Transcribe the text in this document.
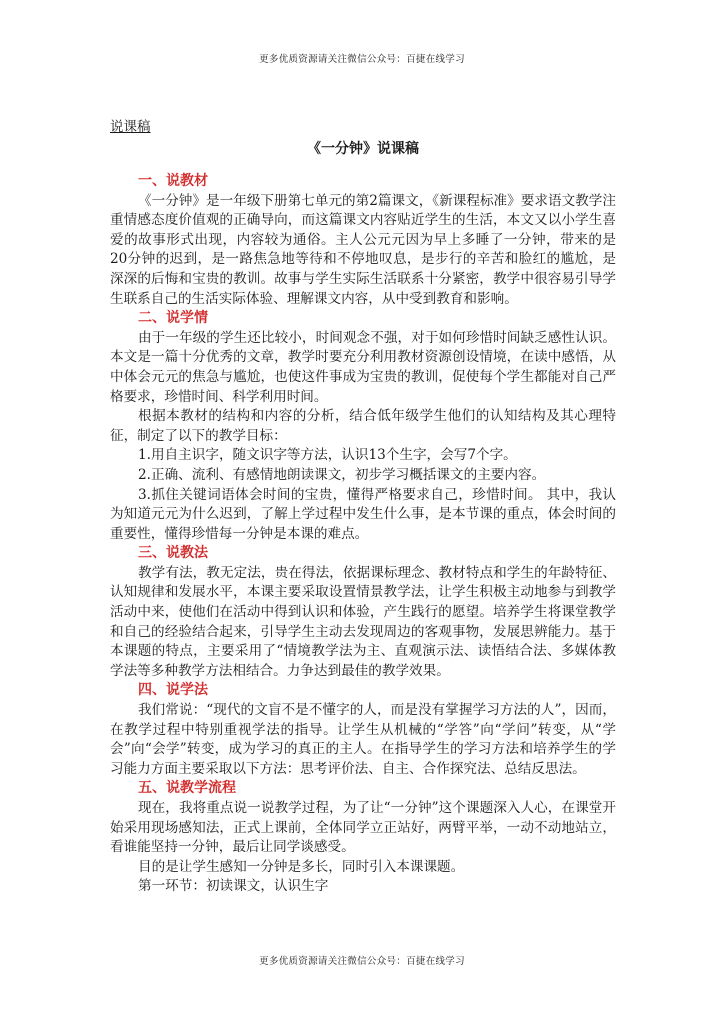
更多优质资源请关注微信公众号：百捷在线学习

说课稿

《一分钟》说课稿

一、说教材

《一分钟》是一年级下册第七单元的第2篇课文，《新课程标准》要求语文教学注重情感态度价值观的正确导向，而这篇课文内容贴近学生的生活，本文又以小学生喜爱的故事形式出现，内容较为通俗。主人公元元因为早上多睡了一分钟，带来的是20分钟的迟到，是一路焦急地等待和不停地叹息，是步行的辛苦和脸红的尴尬，是深深的后悔和宝贵的教训。故事与学生实际生活联系十分紧密，教学中很容易引导学生联系自己的生活实际体验、理解课文内容，从中受到教育和影响。

二、说学情

由于一年级的学生还比较小，时间观念不强，对于如何珍惜时间缺乏感性认识。本文是一篇十分优秀的文章，教学时要充分利用教材资源创设情境，在读中感悟，从中体会元元的焦急与尴尬，也使这件事成为宝贵的教训，促使每个学生都能对自己严格要求，珍惜时间、科学利用时间。

根据本教材的结构和内容的分析，结合低年级学生他们的认知结构及其心理特征，制定了以下的教学目标：

1.用自主识字，随文识字等方法，认识13个生字，会写7个字。

2.正确、流利、有感情地朗读课文，初步学习概括课文的主要内容。

3.抓住关键词语体会时间的宝贵，懂得严格要求自己，珍惜时间。 其中，我认为知道元元为什么迟到，了解上学过程中发生什么事，是本节课的重点，体会时间的重要性，懂得珍惜每一分钟是本课的难点。

三、说教法

教学有法，教无定法，贵在得法，依据课标理念、教材特点和学生的年龄特征、认知规律和发展水平，本课主要采取设置情景教学法，让学生积极主动地参与到教学活动中来，使他们在活动中得到认识和体验，产生践行的愿望。培养学生将课堂教学和自己的经验结合起来，引导学生主动去发现周边的客观事物，发展思辨能力。基于本课题的特点，主要采用了“情境教学法为主、直观演示法、读悟结合法、多媒体教学法等多种教学方法相结合。力争达到最佳的教学效果。

四、说学法

我们常说：“现代的文盲不是不懂字的人，而是没有掌握学习方法的人”，因而，在教学过程中特别重视学法的指导。让学生从机械的“学答”向“学问”转变，从“学会”向“会学”转变，成为学习的真正的主人。在指导学生的学习方法和培养学生的学习能力方面主要采取以下方法：思考评价法、自主、合作探究法、总结反思法。

五、说教学流程

现在，我将重点说一说教学过程，为了让“一分钟”这个课题深入人心，在课堂开始采用现场感知法，正式上课前，全体同学立正站好，两臂平举，一动不动地站立，看谁能坚持一分钟，最后让同学谈感受。

目的是让学生感知一分钟是多长，同时引入本课课题。

第一环节：初读课文，认识生字

更多优质资源请关注微信公众号：百捷在线学习
